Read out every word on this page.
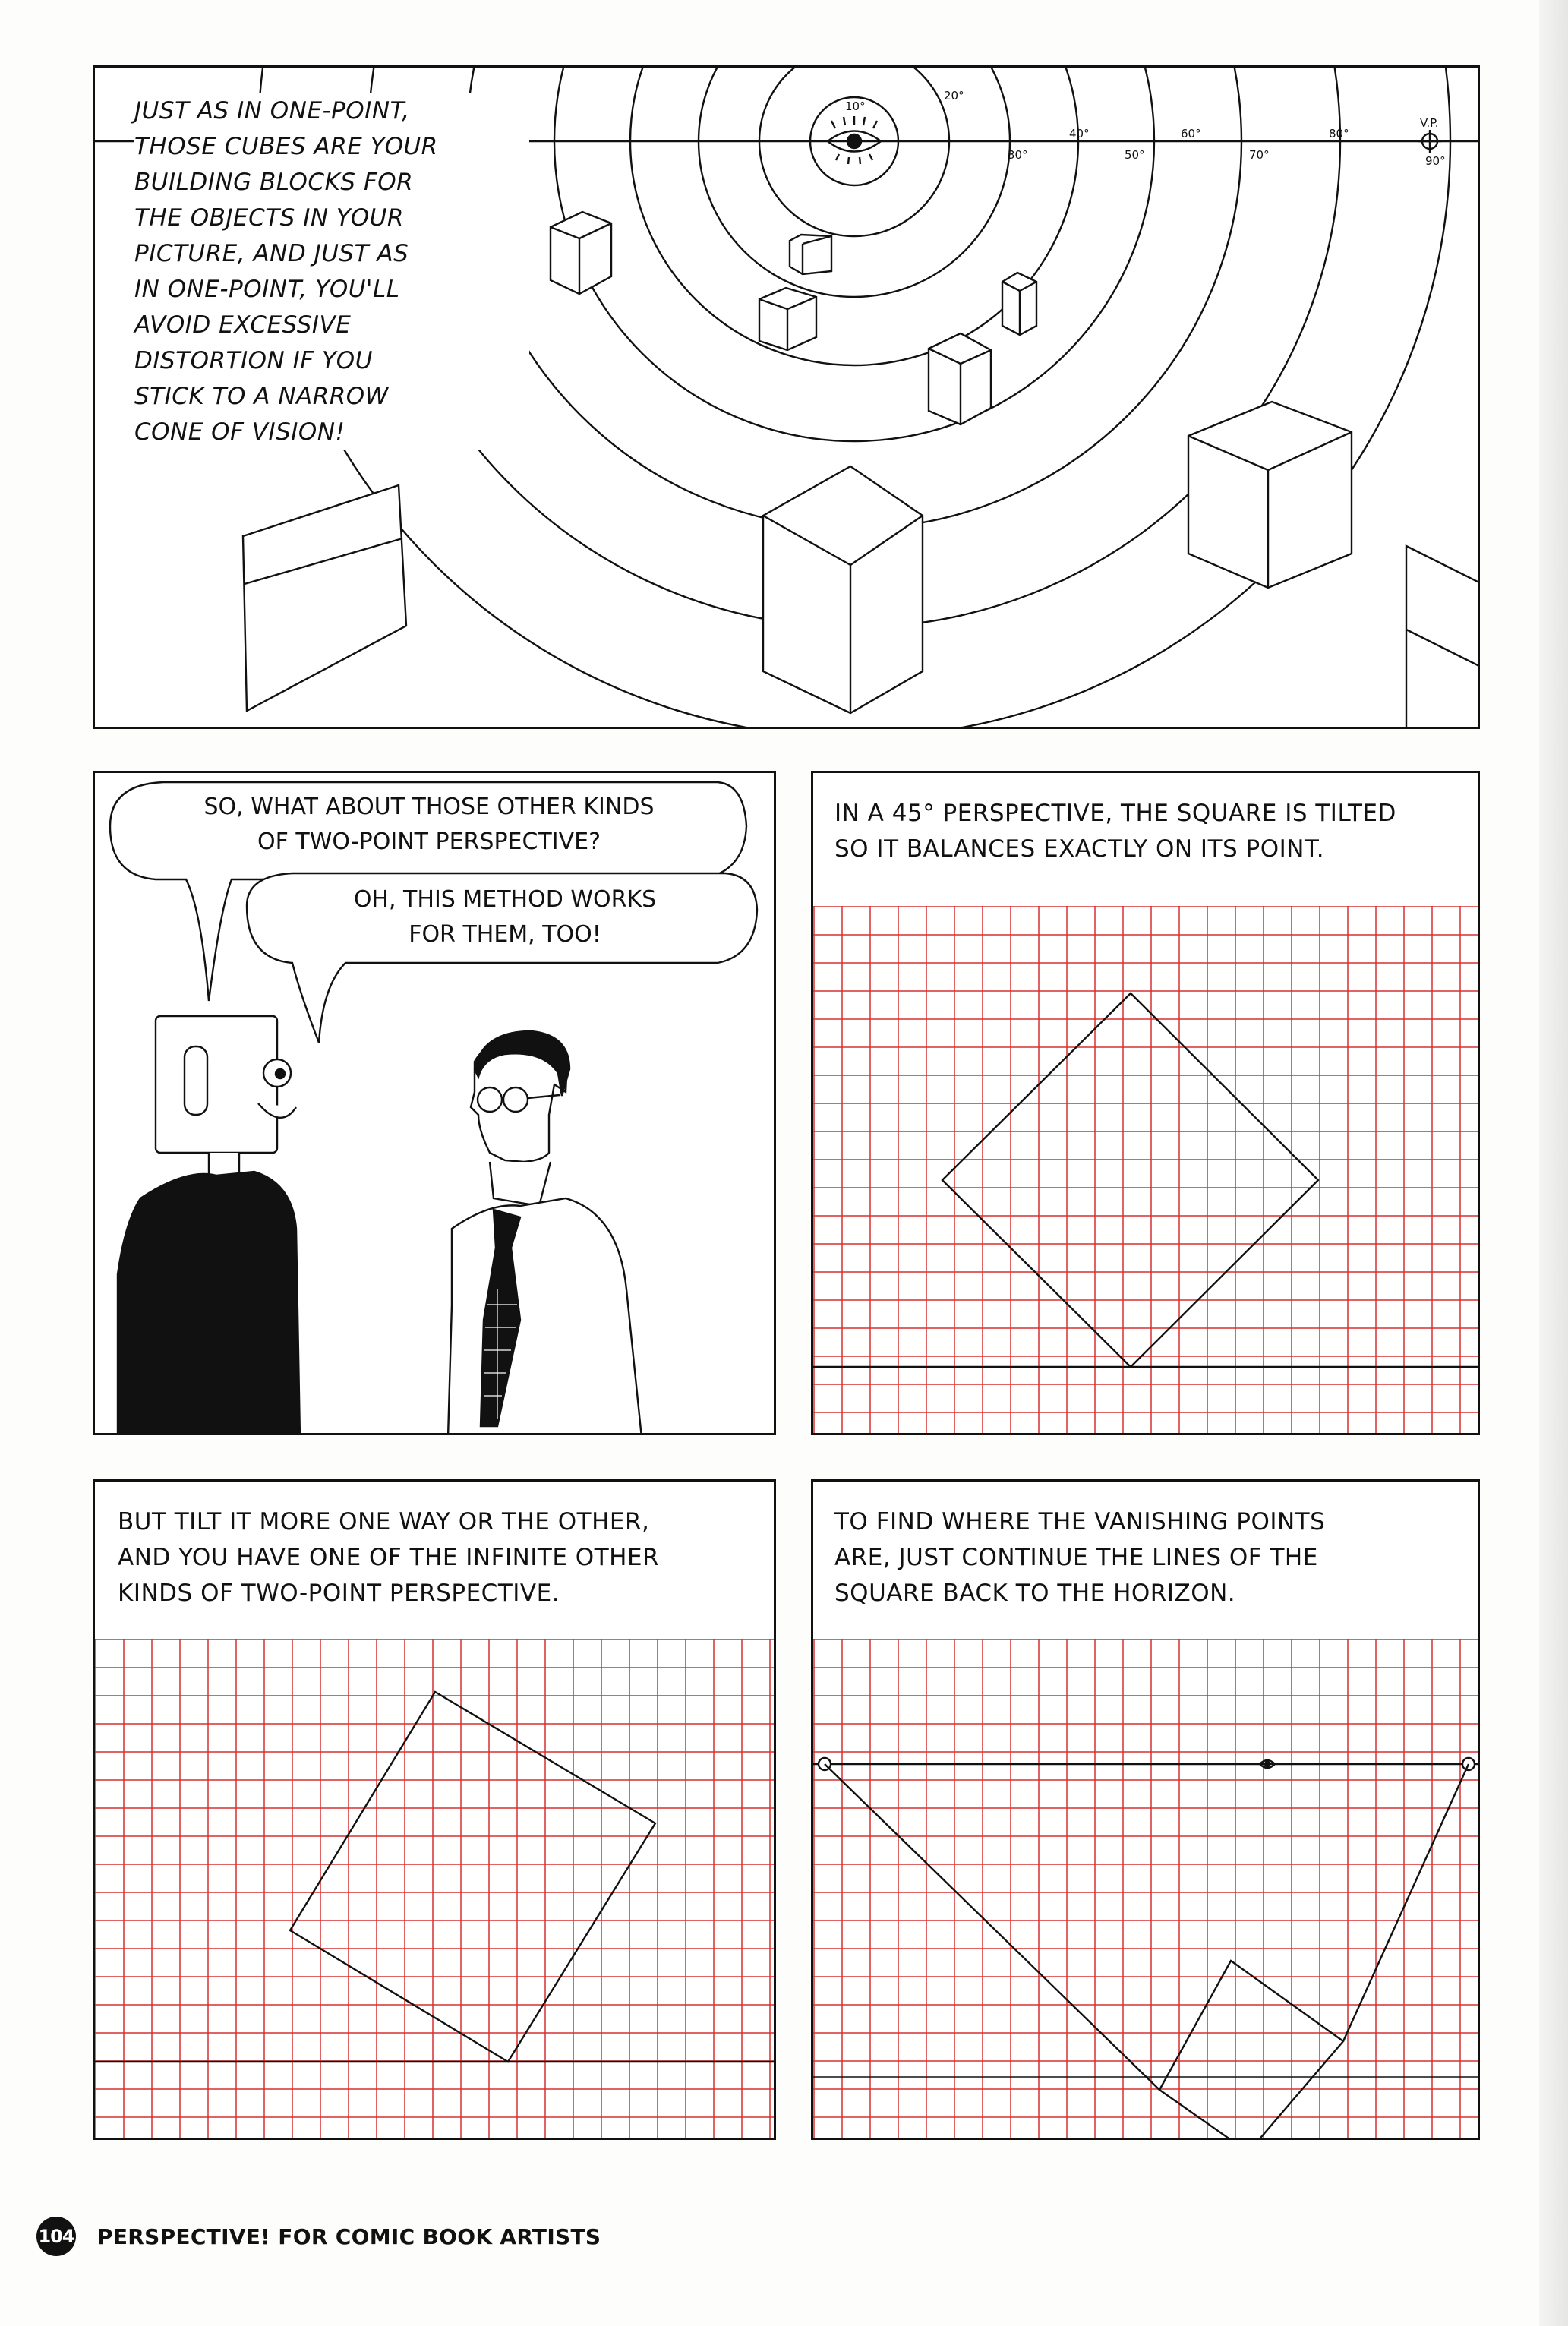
10°
20°
30°
40°
50°
60°
70°
80°
90°
V.P.
JUST AS IN ONE-POINT,
THOSE CUBES ARE YOUR
BUILDING BLOCKS FOR
THE OBJECTS IN YOUR
PICTURE, AND JUST AS
IN ONE-POINT, YOU'LL
AVOID EXCESSIVE
DISTORTION IF YOU
STICK TO A NARROW
CONE OF VISION!
SO, WHAT ABOUT THOSE OTHER KINDS
OF TWO-POINT PERSPECTIVE?
OH, THIS METHOD WORKS
FOR THEM, TOO!
IN A 45° PERSPECTIVE, THE SQUARE IS TILTED
SO IT BALANCES EXACTLY ON ITS POINT.
BUT TILT IT MORE ONE WAY OR THE OTHER,
AND YOU HAVE ONE OF THE INFINITE OTHER
KINDS OF TWO-POINT PERSPECTIVE.
TO FIND WHERE THE VANISHING POINTS
ARE, JUST CONTINUE THE LINES OF THE
SQUARE BACK TO THE HORIZON.
104 PERSPECTIVE! FOR COMIC BOOK ARTISTS
